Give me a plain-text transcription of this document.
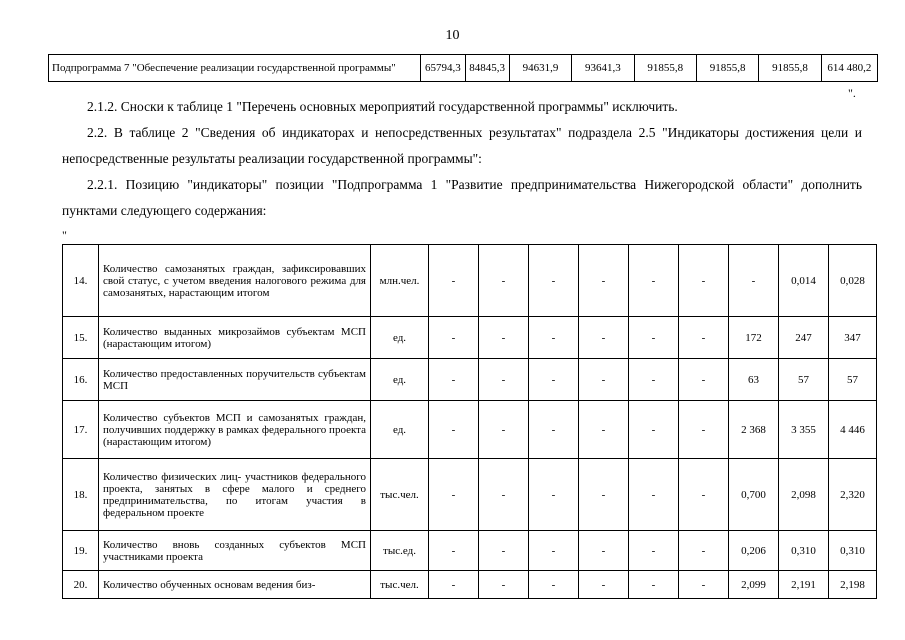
10
Подпрограмма 7 "Обеспечение реализации государственной программы"	65794,3	84845,3	94631,9	93641,3	91855,8	91855,8	91855,8	614 480,2
".

2.1.2. Сноски к таблице 1 "Перечень основных мероприятий государственной программы" исключить.

2.2. В таблице 2 "Сведения об индикаторах и непосредственных результатах" подраздела 2.5 "Индикаторы достижения цели и непосредственные результаты реализации государственной программы":

2.2.1. Позицию "индикаторы" позиции "Подпрограмма 1 "Развитие предпринимательства Нижегородской области" дополнить пунктами следующего содержания:

"
14.	Количество самозанятых граждан, зафиксировавших свой статус, с учетом введения налогового режима для самозанятых, нарастающим итогом	млн.чел.	-	-	-	-	-	-	-	0,014	0,028
15.	Количество выданных микрозаймов субъектам МСП (нарастающим итогом)	ед.	-	-	-	-	-	-	172	247	347
16.	Количество предоставленных поручительств субъектам МСП	ед.	-	-	-	-	-	-	63	57	57
17.	Количество субъектов МСП и самозанятых граждан, получивших поддержку в рамках федерального проекта (нарастающим итогом)	ед.	-	-	-	-	-	-	2 368	3 355	4 446
18.	Количество физических лиц- участников федерального проекта, занятых в сфере малого и среднего предпринимательства, по итогам участия в федеральном проекте	тыс.чел.	-	-	-	-	-	-	0,700	2,098	2,320
19.	Количество вновь созданных субъектов МСП участниками проекта	тыс.ед.	-	-	-	-	-	-	0,206	0,310	0,310
20.	Количество обученных основам ведения биз-	тыс.чел.	-	-	-	-	-	-	2,099	2,191	2,198
